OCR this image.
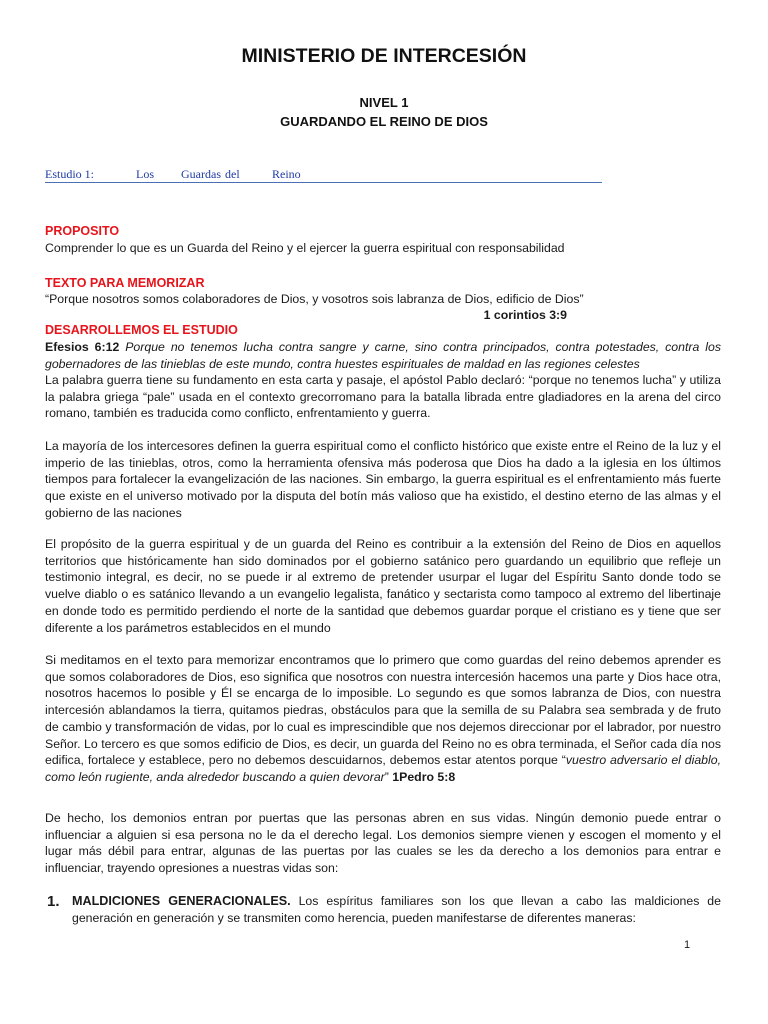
MINISTERIO DE INTERCESIÓN
NIVEL 1
GUARDANDO EL REINO DE DIOS
Estudio 1:	Los Guardas del	Reino
PROPOSITO
Comprender lo que es un Guarda del Reino y el ejercer la guerra espiritual con responsabilidad
TEXTO PARA MEMORIZAR
“Porque nosotros somos colaboradores de Dios, y vosotros sois labranza de Dios, edificio de Dios”
1 corintios 3:9
DESARROLLEMOS EL ESTUDIO
Efesios 6:12 Porque no tenemos lucha contra sangre y carne, sino contra principados, contra potestades, contra los gobernadores de las tinieblas de este mundo, contra huestes espirituales de maldad en las regiones celestes
La palabra guerra tiene su fundamento en esta carta y pasaje, el apóstol Pablo declaró: “porque no tenemos lucha” y utiliza la palabra griega “pale” usada en el contexto grecorromano para la batalla librada entre gladiadores en la arena del circo romano, también es traducida como conflicto, enfrentamiento y guerra.
La mayoría de los intercesores definen la guerra espiritual como el conflicto histórico que existe entre el Reino de la luz y el imperio de las tinieblas, otros, como la herramienta ofensiva más poderosa que Dios ha dado a la iglesia en los últimos tiempos para fortalecer la evangelización de las naciones. Sin embargo, la guerra espiritual es el enfrentamiento más fuerte que existe en el universo motivado por la disputa del botín más valioso que ha existido, el destino eterno de las almas y el gobierno de las naciones
El propósito de la guerra espiritual y de un guarda del Reino es contribuir a la extensión del Reino de Dios en aquellos territorios que históricamente han sido dominados por el gobierno satánico pero guardando un equilibrio que refleje un testimonio integral, es decir, no se puede ir al extremo de pretender usurpar el lugar del Espíritu Santo donde todo se vuelve diablo o es satánico llevando a un evangelio legalista, fanático y sectarista como tampoco al extremo del libertinaje en donde todo es permitido perdiendo el norte de la santidad que debemos guardar porque el cristiano es y tiene que ser diferente a los parámetros establecidos en el mundo
Si meditamos en el texto para memorizar encontramos que lo primero que como guardas del reino debemos aprender es que somos colaboradores de Dios, eso significa que nosotros con nuestra intercesión hacemos una parte y Dios hace otra, nosotros hacemos lo posible y Él se encarga de lo imposible. Lo segundo es que somos labranza de Dios, con nuestra intercesión ablandamos la tierra, quitamos piedras, obstáculos para que la semilla de su Palabra sea sembrada y de fruto de cambio y transformación de vidas, por lo cual es imprescindible que nos dejemos direccionar por el labrador, por nuestro Señor. Lo tercero es que somos edificio de Dios, es decir, un guarda del Reino no es obra terminada, el Señor cada día nos edifica, fortalece y establece, pero no debemos descuidarnos, debemos estar atentos porque “vuestro adversario el diablo, como león rugiente, anda alrededor buscando a quien devorar” 1Pedro 5:8
De hecho, los demonios entran por puertas que las personas abren en sus vidas. Ningún demonio puede entrar o influenciar a alguien si esa persona no le da el derecho legal. Los demonios siempre vienen y escogen el momento y el lugar más débil para entrar, algunas de las puertas por las cuales se les da derecho a los demonios para entrar e influenciar, trayendo opresiones a nuestras vidas son:
1. MALDICIONES GENERACIONALES. Los espíritus familiares son los que llevan a cabo las maldiciones de generación en generación y se transmiten como herencia, pueden manifestarse de diferentes maneras:
1
